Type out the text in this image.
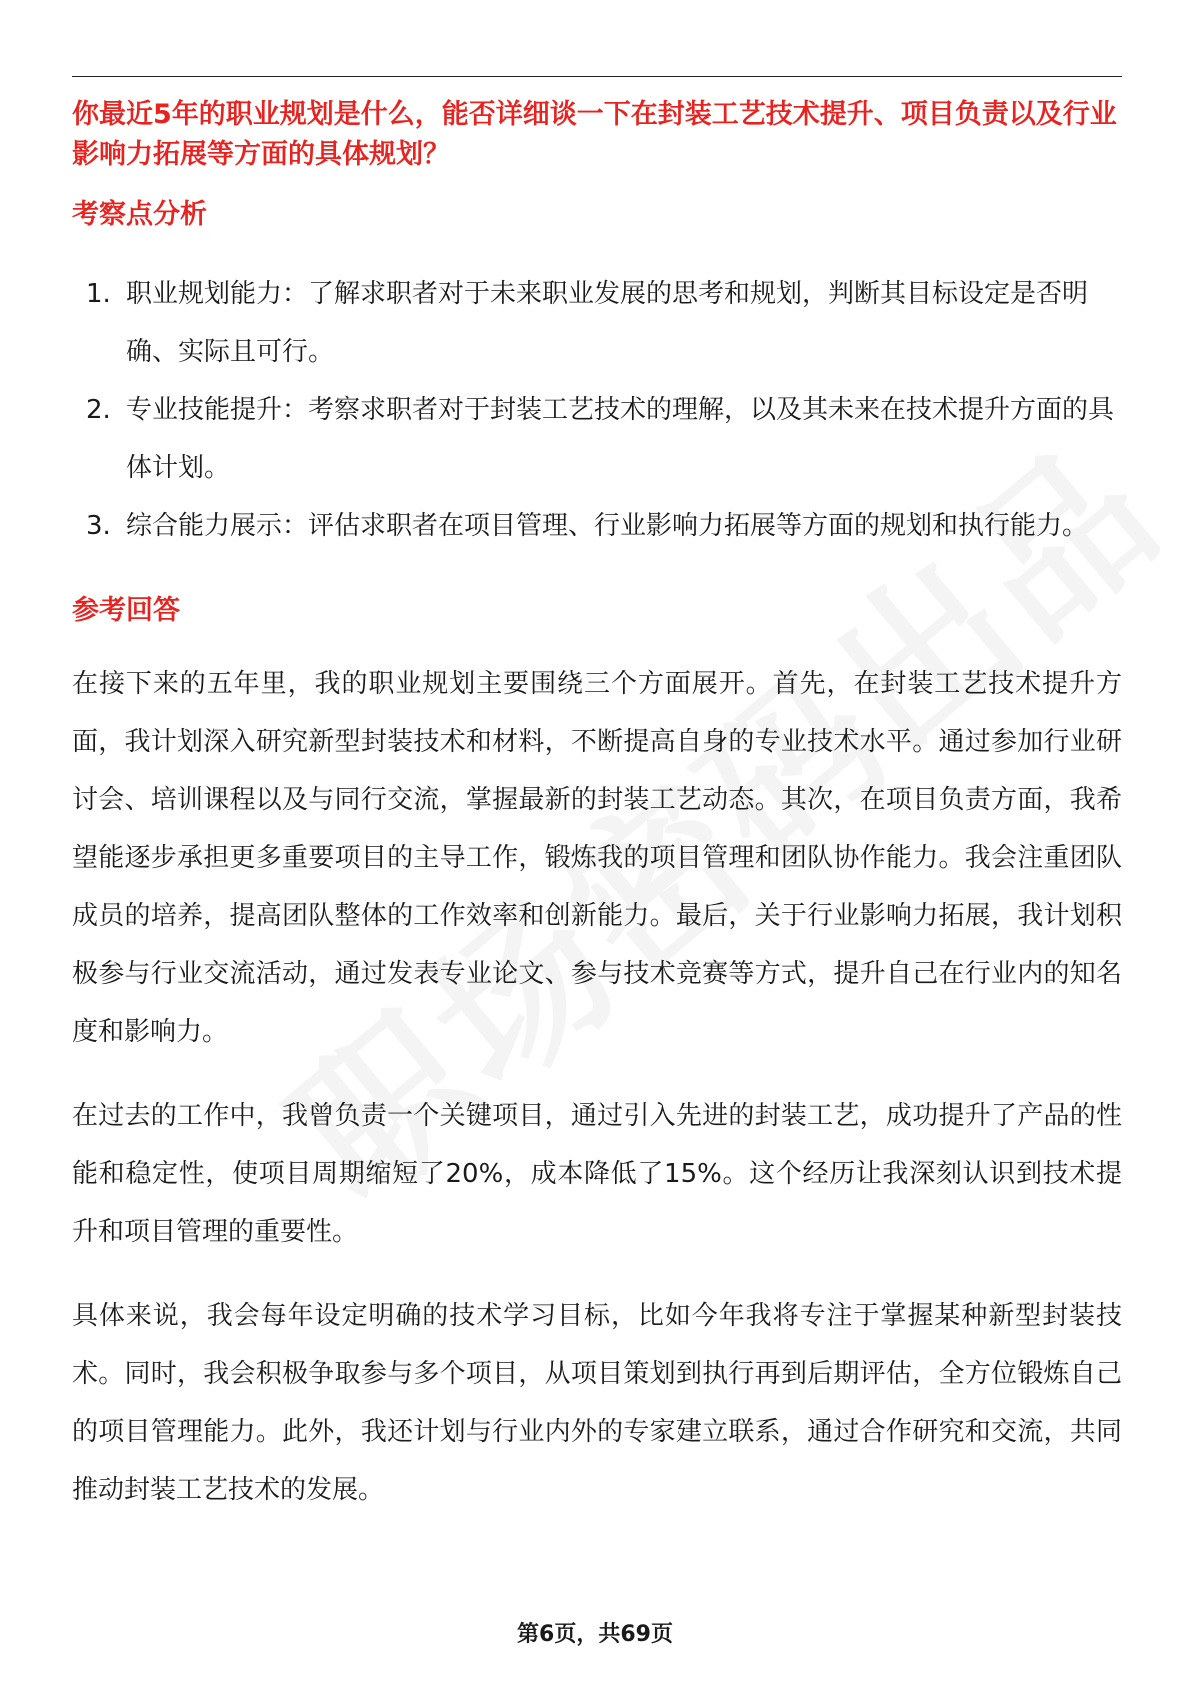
你最近5年的职业规划是什么，能否详细谈一下在封装工艺技术提升、项目负责以及行业影响力拓展等方面的具体规划？

考察点分析

1. 职业规划能力：了解求职者对于未来职业发展的思考和规划，判断其目标设定是否明确、实际且可行。
2. 专业技能提升：考察求职者对于封装工艺技术的理解，以及其未来在技术提升方面的具体计划。
3. 综合能力展示：评估求职者在项目管理、行业影响力拓展等方面的规划和执行能力。

参考回答

在接下来的五年里，我的职业规划主要围绕三个方面展开。首先，在封装工艺技术提升方面，我计划深入研究新型封装技术和材料，不断提高自身的专业技术水平。通过参加行业研讨会、培训课程以及与同行交流，掌握最新的封装工艺动态。其次，在项目负责方面，我希望能逐步承担更多重要项目的主导工作，锻炼我的项目管理和团队协作能力。我会注重团队成员的培养，提高团队整体的工作效率和创新能力。最后，关于行业影响力拓展，我计划积极参与行业交流活动，通过发表专业论文、参与技术竞赛等方式，提升自己在行业内的知名度和影响力。

在过去的工作中，我曾负责一个关键项目，通过引入先进的封装工艺，成功提升了产品的性能和稳定性，使项目周期缩短了20%，成本降低了15%。这个经历让我深刻认识到技术提升和项目管理的重要性。

具体来说，我会每年设定明确的技术学习目标，比如今年我将专注于掌握某种新型封装技术。同时，我会积极争取参与多个项目，从项目策划到执行再到后期评估，全方位锻炼自己的项目管理能力。此外，我还计划与行业内外的专家建立联系，通过合作研究和交流，共同推动封装工艺技术的发展。

第6页，共69页
